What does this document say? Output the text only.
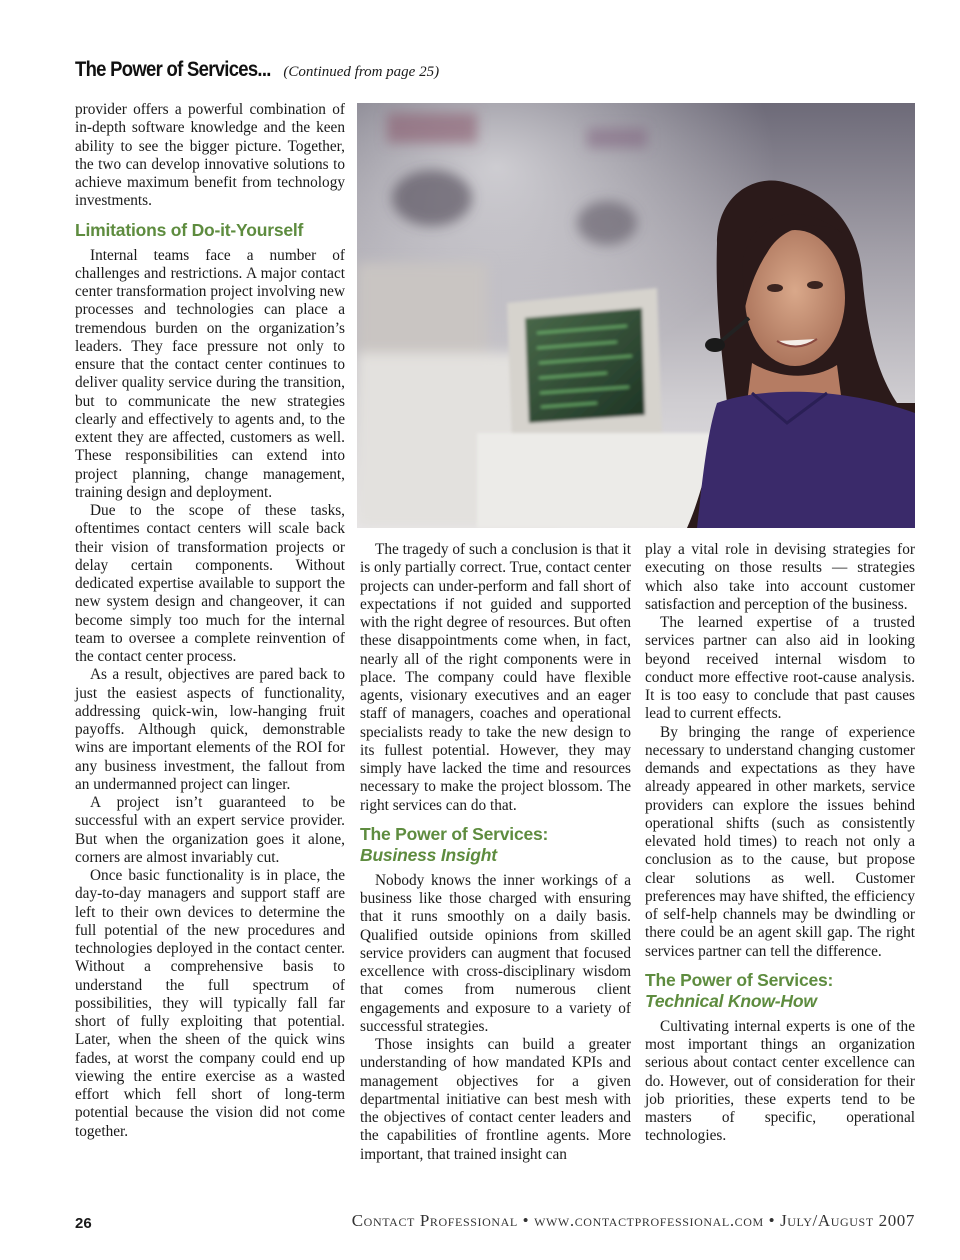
The Power of Services... (Continued from page 25)

provider offers a powerful combination of in-depth software knowledge and the keen ability to see the bigger picture. Together, the two can develop innovative solutions to achieve maximum benefit from technology investments.

Limitations of Do-it-Yourself

Internal teams face a number of challenges and restrictions. A major contact center transformation project involving new processes and technologies can place a tremendous burden on the organization’s leaders. They face pressure not only to ensure that the contact center continues to deliver quality service during the transition, but to communicate the new strategies clearly and effectively to agents and, to the extent they are affected, customers as well. These responsibilities can extend into project planning, change management, training design and deployment.

Due to the scope of these tasks, oftentimes contact centers will scale back their vision of transformation projects or delay certain components. Without dedicated expertise available to support the new system design and changeover, it can become simply too much for the internal team to oversee a complete reinvention of the contact center process.

As a result, objectives are pared back to just the easiest aspects of functionality, addressing quick-win, low-hanging fruit payoffs. Although quick, demonstrable wins are important elements of the ROI for any business investment, the fallout from an undermanned project can linger.

A project isn’t guaranteed to be successful with an expert service provider. But when the organization goes it alone, corners are almost invariably cut.

Once basic functionality is in place, the day-to-day managers and support staff are left to their own devices to determine the full potential of the new procedures and technologies deployed in the contact center. Without a comprehensive basis to understand the full spectrum of possibilities, they will typically fall far short of fully exploiting that potential. Later, when the sheen of the quick wins fades, at worst the company could end up viewing the entire exercise as a wasted effort which fell short of long-term potential because the vision did not come together.

The tragedy of such a conclusion is that it is only partially correct. True, contact center projects can under-perform and fall short of expectations if not guided and supported with the right degree of resources. But often these disappointments come when, in fact, nearly all of the right components were in place. The company could have flexible agents, visionary executives and an eager staff of managers, coaches and operational specialists ready to take the new design to its fullest potential. However, they may simply have lacked the time and resources necessary to make the project blossom. The right services can do that.

The Power of Services:
Business Insight

Nobody knows the inner workings of a business like those charged with ensuring that it runs smoothly on a daily basis. Qualified outside opinions from skilled service providers can augment that focused excellence with cross-disciplinary wisdom that comes from numerous client engagements and exposure to a variety of successful strategies.

Those insights can build a greater understanding of how mandated KPIs and management objectives for a given departmental initiative can best mesh with the objectives of contact center leaders and the capabilities of frontline agents. More important, that trained insight can

play a vital role in devising strategies for executing on those results — strategies which also take into account customer satisfaction and perception of the business.

The learned expertise of a trusted services partner can also aid in looking beyond received internal wisdom to conduct more effective root-cause analysis. It is too easy to conclude that past causes lead to current effects.

By bringing the range of experience necessary to understand changing customer demands and expectations as they have already appeared in other markets, service providers can explore the issues behind operational shifts (such as consistently elevated hold times) to reach not only a conclusion as to the cause, but propose clear solutions as well. Customer preferences may have shifted, the efficiency of self-help channels may be dwindling or there could be an agent skill gap. The right services partner can tell the difference.

The Power of Services:
Technical Know-How

Cultivating internal experts is one of the most important things an organization serious about contact center excellence can do. However, out of consideration for their job priorities, these experts tend to be masters of specific, operational technologies.

26	Contact Professional • www.contactprofessional.com • July/August 2007
